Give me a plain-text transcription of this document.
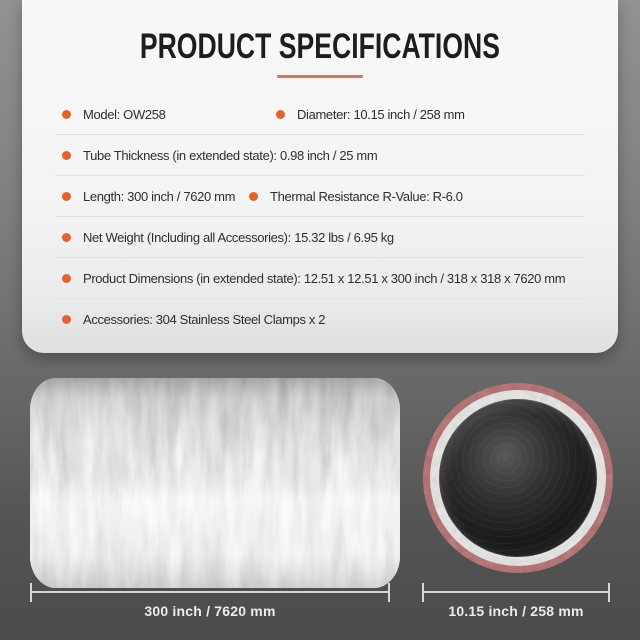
PRODUCT SPECIFICATIONS
Model: OW258	Diameter: 10.15 inch / 258 mm
Tube Thickness (in extended state): 0.98 inch / 25 mm
Length: 300 inch / 7620 mm	Thermal Resistance R-Value: R-6.0
Net Weight (Including all Accessories): 15.32 lbs / 6.95 kg
Product Dimensions (in extended state): 12.51 x 12.51 x 300 inch / 318 x 318 x 7620 mm
Accessories: 304 Stainless Steel Clamps x 2
300 inch / 7620 mm	10.15 inch / 258 mm
